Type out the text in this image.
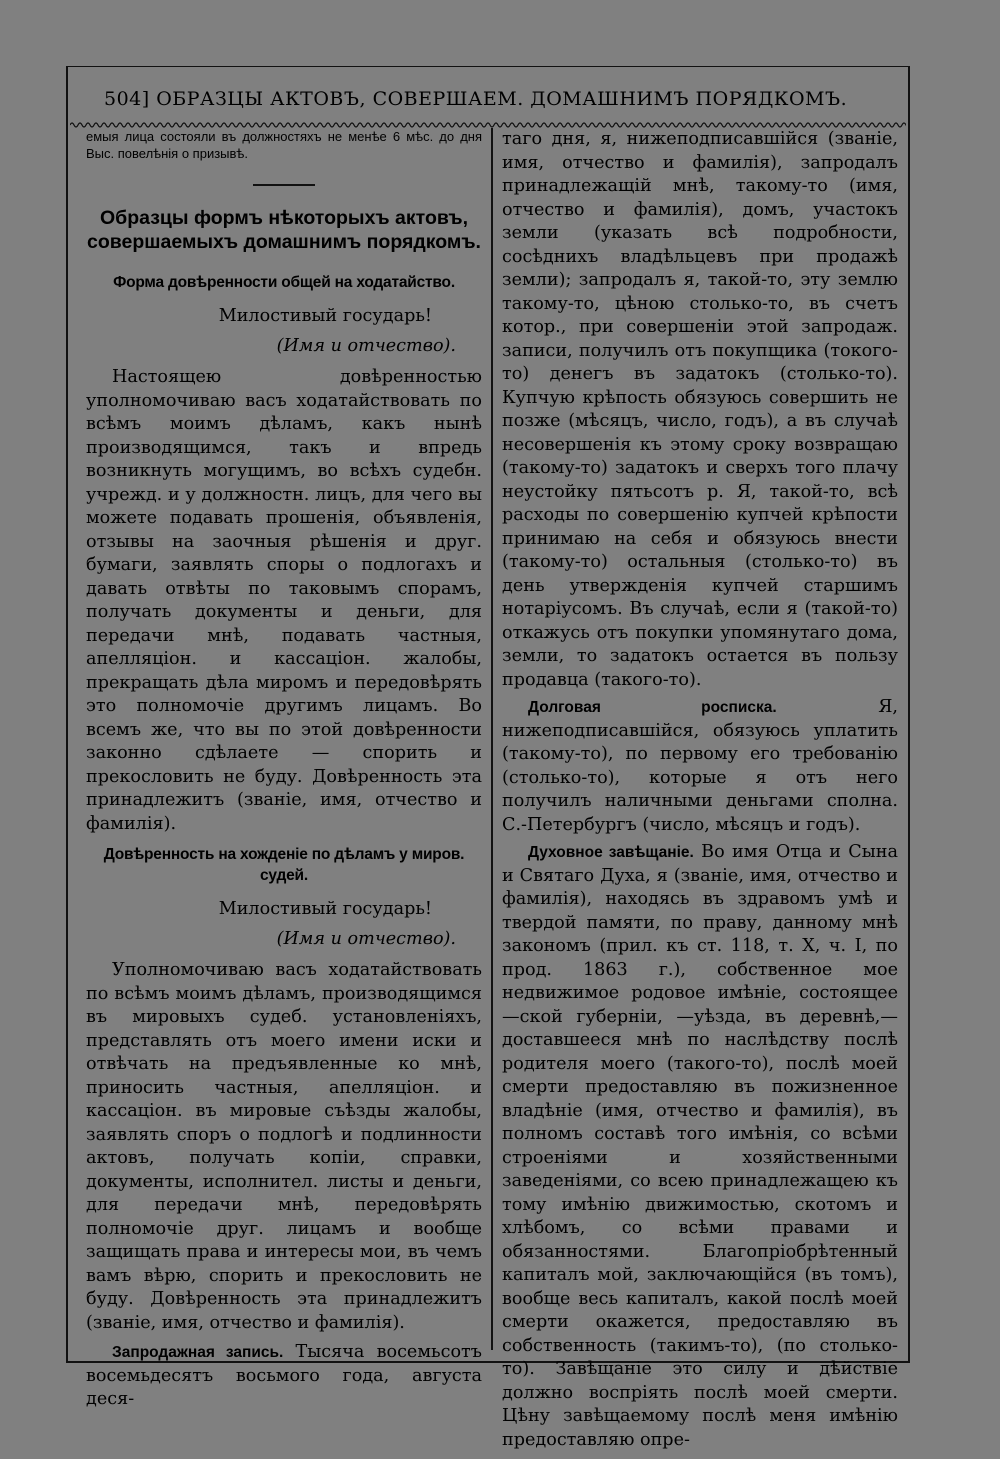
504] ОБРАЗЦЫ АКТОВЪ, СОВЕРШАЕМ. ДОМАШНИМЪ ПОРЯДКОМЪ.

емыя лица состояли въ должностяхъ не менѣе 6 мѣс. до дня Выс. повелѣнія о призывѣ.

Образцы формъ нѣкоторыхъ актовъ, совершаемыхъ домашнимъ порядкомъ.

Форма довѣренности общей на ходатайство.

Милостивый государь!

(Имя и отчество).

Настоящею довѣренностью уполномочиваю васъ ходатайствовать по всѣмъ моимъ дѣламъ, какъ нынѣ производящимся, такъ и впредь возникнуть могущимъ, во всѣхъ судебн. учрежд. и у должностн. лицъ, для чего вы можете подавать прошенія, объявленія, отзывы на заочныя рѣшенія и друг. бумаги, заявлять споры о подлогахъ и давать отвѣты по таковымъ спорамъ, получать документы и деньги, для передачи мнѣ, подавать частныя, апелляціон. и кассаціон. жалобы, прекращать дѣла миромъ и передовѣрять это полномочіе другимъ лицамъ. Во всемъ же, что вы по этой довѣренности законно сдѣлаете — спорить и прекословить не буду. Довѣренность эта принадлежитъ (званіе, имя, отчество и фамилія).

Довѣренность на хожденіе по дѣламъ у миров. судей.

Милостивый государь!

(Имя и отчество).

Уполномочиваю васъ ходатайствовать по всѣмъ моимъ дѣламъ, производящимся въ мировыхъ судеб. установленіяхъ, представлять отъ моего имени иски и отвѣчать на предъявленные ко мнѣ, приносить частныя, апелляціон. и кассаціон. въ мировые съѣзды жалобы, заявлять споръ о подлогѣ и подлинности актовъ, получать копіи, справки, документы, исполнител. листы и деньги, для передачи мнѣ, передовѣрять полномочіе друг. лицамъ и вообще защищать права и интересы мои, въ чемъ вамъ вѣрю, спорить и прекословить не буду. Довѣренность эта принадлежитъ (званіе, имя, отчество и фамилія).

Запродажная запись. Тысяча восемьсотъ восемьдесятъ восьмого года, августа деся-

таго дня, я, нижеподписавшійся (званіе, имя, отчество и фамилія), запродалъ принадлежащій мнѣ, такому-то (имя, отчество и фамилія), домъ, участокъ земли (указать всѣ подробности, сосѣднихъ владѣльцевъ при продажѣ земли); запродалъ я, такой-то, эту землю такому-то, цѣною столько-то, въ счетъ котор., при совершеніи этой запродаж. записи, получилъ отъ покупщика (токого-то) денегъ въ задатокъ (столько-то). Купчую крѣпость обязуюсь совершить не позже (мѣсяцъ, число, годъ), а въ случаѣ несовершенія къ этому сроку возвращаю (такому-то) задатокъ и сверхъ того плачу неустойку пятьсотъ р. Я, такой-то, всѣ расходы по совершенію купчей крѣпости принимаю на себя и обязуюсь внести (такому-то) остальныя (столько-то) въ день утвержденія купчей старшимъ нотаріусомъ. Въ случаѣ, если я (такой-то) откажусь отъ покупки упомянутаго дома, земли, то задатокъ остается въ пользу продавца (такого-то).

Долговая росписка.	Я, нижеподписавшійся, обязуюсь уплатить (такому-то), по первому его требованію (столько-то), которые я отъ него получилъ наличными деньгами сполна. С.-Петербургъ (число, мѣсяцъ и годъ).

Духовное завѣщаніе. Во имя Отца и Сына и Святаго Духа, я (званіе, имя, отчество и фамилія), находясь въ здравомъ умѣ и твердой памяти, по праву, данному мнѣ закономъ (прил. къ ст. 118, т. X, ч. I, по прод. 1863 г.), собственное мое недвижимое родовое имѣніе, состоящее —ской губерніи, —уѣзда, въ деревнѣ,— доставшееся мнѣ по наслѣдству послѣ родителя моего (такого-то), послѣ моей смерти предоставляю въ пожизненное владѣніе (имя, отчество и фамилія), въ полномъ составѣ того имѣнія, со всѣми строеніями и хозяйственными заведеніями, со всею принадлежащею къ тому имѣнію движимостью, скотомъ и хлѣбомъ, со всѣми правами и обязанностями. Благопріобрѣтенный капиталъ мой, заключающійся (въ томъ), вообще весь капиталъ, какой послѣ моей смерти окажется, предоставляю въ собственность (такимъ-то), (по столько-то). Завѣщаніе это силу и дѣйствіе должно воспріять послѣ моей смерти. Цѣну завѣщаемому послѣ меня имѣнію предоставляю опре-
